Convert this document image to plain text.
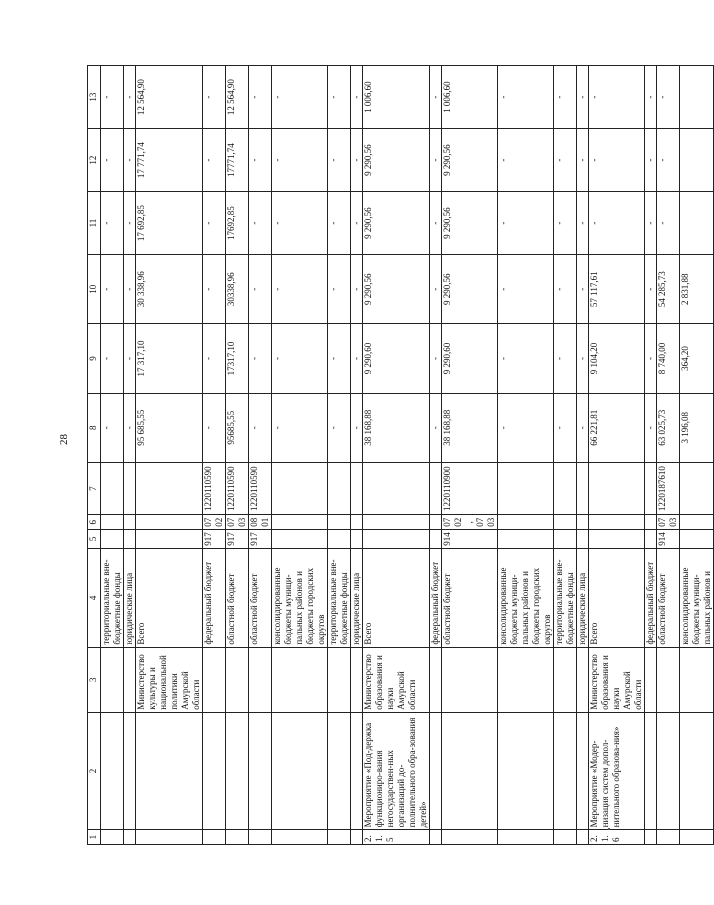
28
1	2	3	4	5	6	7	8	9	10	11	12	13
			территориальные вне-бюджетные фонды				-	-	-	-	-	-
			юридические лица				-	-	-	-	-	-
		Министерство культуры и национальной политики Амурской области	Всего				95 685,55	17 317,10	30 338,96	17 692,85	17 771,74	12 564,90
			федеральный бюджет	917	0702	1220110590	-	-	-	-	-	-
			областной бюджет	917	0703	1220110590	95685,55	17317,10	30338,96	17692,85	17771,74	12 564,90
			областной бюджет	917	0801	1220110590	-	-	-	-	-	-
			консолидированные бюджеты муници-пальных районов и бюджеты городских округов				-	-	-	-	-	-
			территориальные вне-бюджетные фонды				-	-	-	-	-	-
			юридические лица				-	-	-	-	-	-
2.1.5	Мероприятие «Под-держка функциониро-вания негосударствен-ных организаций до-полнительного обра-зования детей»	Министерство образования и науки Амурской области	Всего				38 168,88	9 290,60	9 290,56	9 290,56	9 290,56	1 006,60
			федеральный бюджет				-	-	-	-	-	-
			областной бюджет	914	0702, 0703	1220110900	38 168,88	9 290,60	9 290,56	9 290,56	9 290,56	1 006,60
			консолидированные бюджеты муници-пальных районов и бюджеты городских округов				-	-	-	-	-	-
			территориальные вне-бюджетные фонды				-	-	-	-	-	-
			юридические лица				-	-	-	-	-	-
2.1.6	Мероприятие «Модер-низация систем допол-нительного образова-ния»	Министерство образования и науки Амурской области	Всего				66 221,81	9 104,20	57 117,61	-	-	-
			федеральный бюджет				-	-	-	-	-	-
			областной бюджет	914	0703	1220187610	63 025,73	8 740,00	54 285,73	-	-	-
			консолидированные бюджеты муници-пальных районов и				3 196,08	364,20	2 831,88			
